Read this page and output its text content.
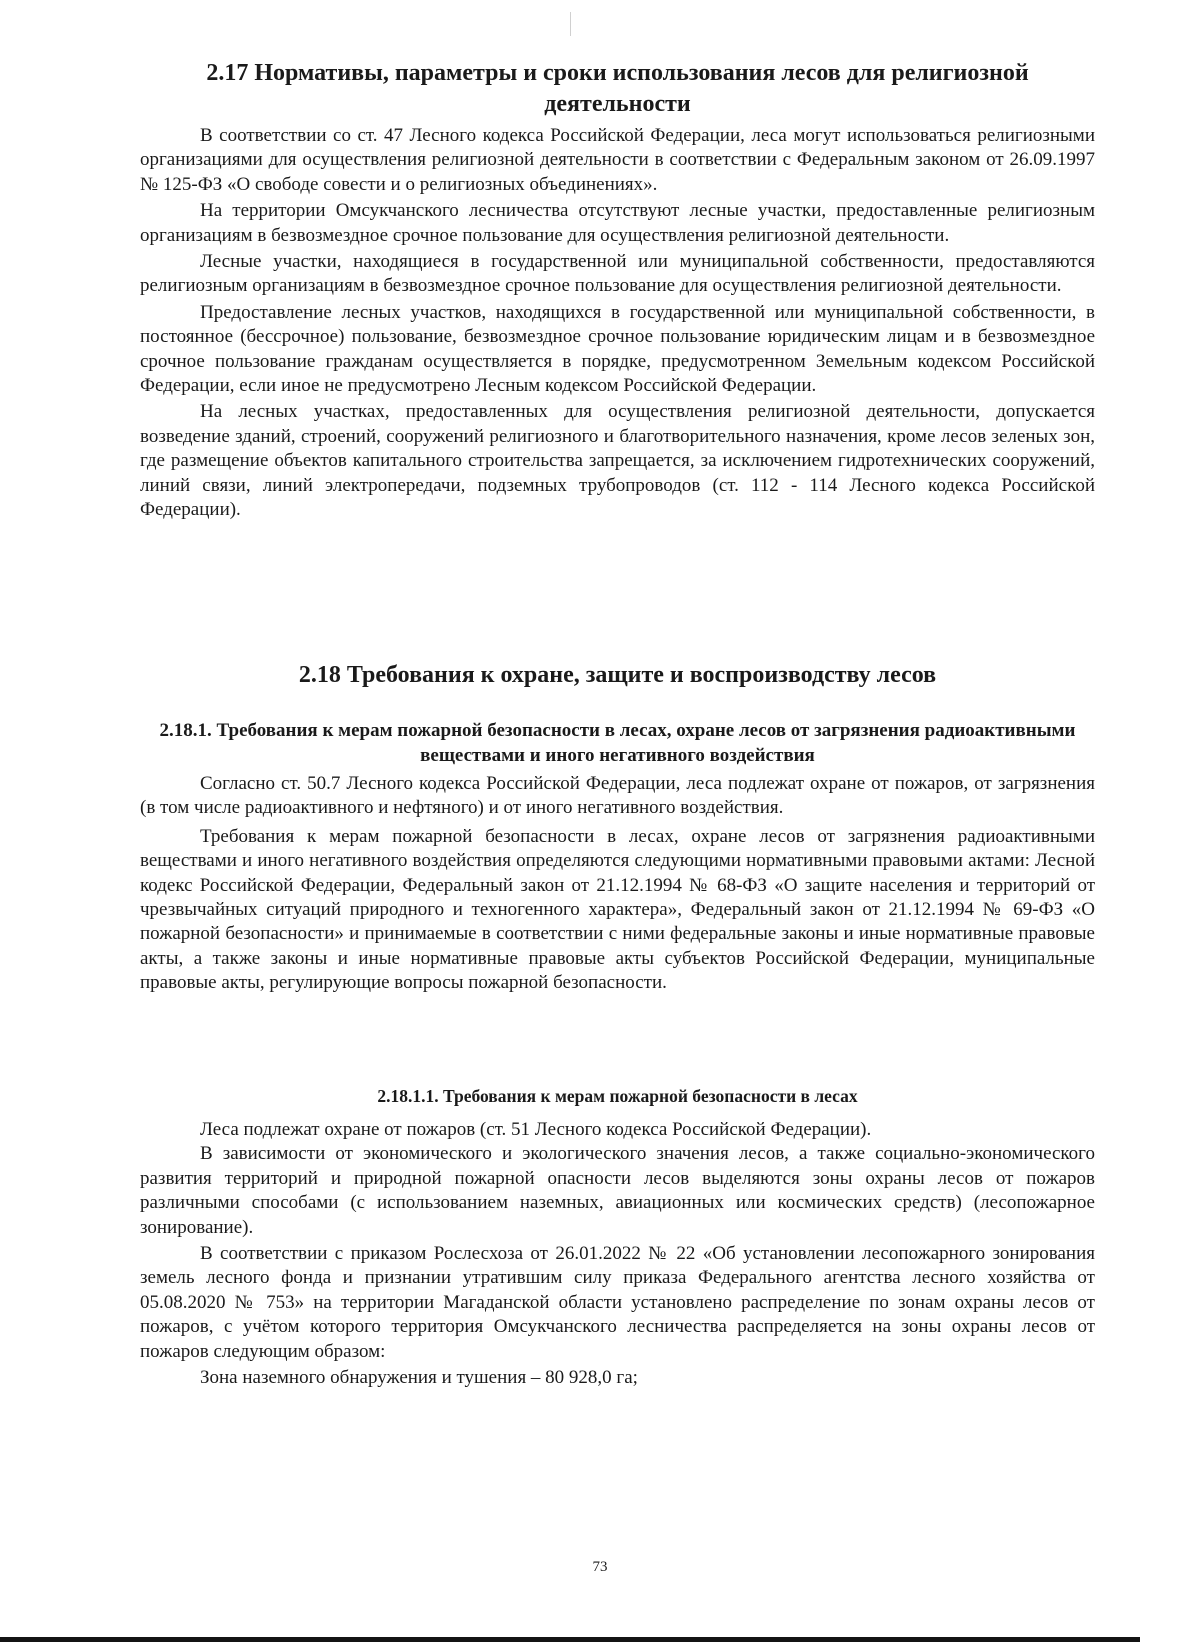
2.17 Нормативы, параметры и сроки использования лесов для религиозной деятельности

В соответствии со ст. 47 Лесного кодекса Российской Федерации, леса могут использоваться религиозными организациями для осуществления религиозной деятельности в соответствии с Федеральным законом от 26.09.1997 № 125-ФЗ «О свободе совести и о религиозных объединениях».

На территории Омсукчанского лесничества отсутствуют лесные участки, предоставленные религиозным организациям в безвозмездное срочное пользование для осуществления религиозной деятельности.

Лесные участки, находящиеся в государственной или муниципальной собственности, предоставляются религиозным организациям в безвозмездное срочное пользование для осуществления религиозной деятельности.

Предоставление лесных участков, находящихся в государственной или муниципальной собственности, в постоянное (бессрочное) пользование, безвозмездное срочное пользование юридическим лицам и в безвозмездное срочное пользование гражданам осуществляется в порядке, предусмотренном Земельным кодексом Российской Федерации, если иное не предусмотрено Лесным кодексом Российской Федерации.

На лесных участках, предоставленных для осуществления религиозной деятельности, допускается возведение зданий, строений, сооружений религиозного и благотворительного назначения, кроме лесов зеленых зон, где размещение объектов капитального строительства запрещается, за исключением гидротехнических сооружений, линий связи, линий электропередачи, подземных трубопроводов (ст. 112 - 114 Лесного кодекса Российской Федерации).

2.18 Требования к охране, защите и воспроизводству лесов
2.18.1. Требования к мерам пожарной безопасности в лесах, охране лесов от загрязнения радиоактивными веществами и иного негативного воздействия

Согласно ст. 50.7 Лесного кодекса Российской Федерации, леса подлежат охране от пожаров, от загрязнения (в том числе радиоактивного и нефтяного) и от иного негативного воздействия.

Требования к мерам пожарной безопасности в лесах, охране лесов от загрязнения радиоактивными веществами и иного негативного воздействия определяются следующими нормативными правовыми актами: Лесной кодекс Российской Федерации, Федеральный закон от 21.12.1994 № 68-ФЗ «О защите населения и территорий от чрезвычайных ситуаций природного и техногенного характера», Федеральный закон от 21.12.1994 № 69-ФЗ «О пожарной безопасности» и принимаемые в соответствии с ними федеральные законы и иные нормативные правовые акты, а также законы и иные нормативные правовые акты субъектов Российской Федерации, муниципальные правовые акты, регулирующие вопросы пожарной безопасности.

2.18.1.1. Требования к мерам пожарной безопасности в лесах

Леса подлежат охране от пожаров (ст. 51 Лесного кодекса Российской Федерации).

В зависимости от экономического и экологического значения лесов, а также социально-экономического развития территорий и природной пожарной опасности лесов выделяются зоны охраны лесов от пожаров различными способами (с использованием наземных, авиационных или космических средств) (лесопожарное зонирование).

В соответствии с приказом Рослесхоза от 26.01.2022 № 22 «Об установлении лесопожарного зонирования земель лесного фонда и признании утратившим силу приказа Федерального агентства лесного хозяйства от 05.08.2020 № 753» на территории Магаданской области установлено распределение по зонам охраны лесов от пожаров, с учётом которого территория Омсукчанского лесничества распределяется на зоны охраны лесов от пожаров следующим образом:

Зона наземного обнаружения и тушения – 80 928,0 га;

73
